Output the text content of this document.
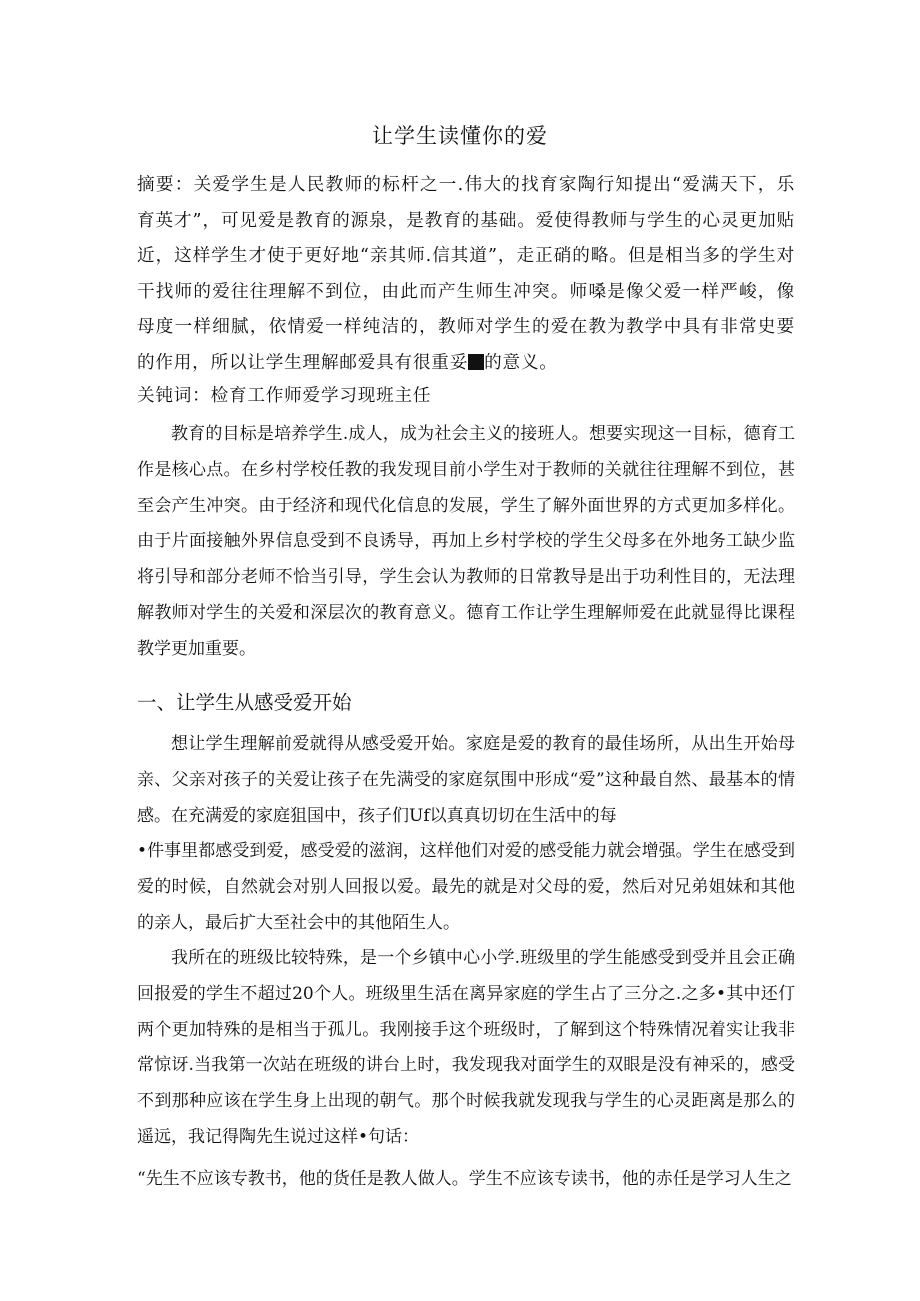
让学生读懂你的爱
摘要：关爱学生是人民教师的标杆之一.伟大的找育家陶行知提出“爱满天下，乐育英才”，可见爱是教育的源泉，是教育的基础。爱使得教师与学生的心灵更加贴近，这样学生才使于更好地“亲其师.信其道”，走正硝的略。但是相当多的学生对干找师的爱往往理解不到位，由此而产生师生冲突。师嗓是像父爱一样严峻，像母度一样细腻，依情爱一样纯洁的，教师对学生的爱在教为教学中具有非常史要的作用，所以让学生理解邮爱具有很重妥 的意义。
关钝词：检育工作师爱学习现班主任
教育的目标是培养学生.成人，成为社会主义的接班人。想要实现这一目标，德育工作是核心点。在乡村学校任教的我发现目前小学生对于教师的关就往往理解不到位，甚至会产生冲突。由于经济和现代化信息的发展，学生了解外面世界的方式更加多样化。由于片面接触外界信息受到不良诱导，再加上乡村学校的学生父母多在外地务工缺少监将引导和部分老师不恰当引导，学生会认为教师的日常教导是出于功利性目的，无法理解教师对学生的关爱和深层次的教育意义。德育工作让学生理解师爱在此就显得比课程教学更加重要。
一、让学生从感受爱开始
想让学生理解前爱就得从感受爱开始。家庭是爱的教育的最佳场所，从出生开始母亲、父亲对孩子的关爱让孩子在先满受的家庭氛围中形成“爱”这种最自然、最基本的情感。在充满爱的家庭狙国中，孩子们Uf以真真切切在生活中的每
•件事里都感受到爱，感受爱的滋润，这样他们对爱的感受能力就会增强。学生在感受到爱的时候，自然就会对别人回报以爱。最先的就是对父母的爱，然后对兄弟姐妹和其他的亲人，最后扩大至社会中的其他陌生人。
我所在的班级比较特殊，是一个乡镇中心小学.班级里的学生能感受到受并且会正确回报爱的学生不超过20个人。班级里生活在离异家庭的学生占了三分之.之多•其中还仃两个更加特殊的是相当于孤儿。我刚接手这个班级时，了解到这个特殊情况着实让我非常惊讶.当我第一次站在班级的讲台上时，我发现我对面学生的双眼是没有神采的，感受不到那种应该在学生身上出现的朝气。那个时候我就发现我与学生的心灵距离是那么的遥远，我记得陶先生说过这样•句话：
“先生不应该专教书，他的货任是教人做人。学生不应该专读书，他的赤任是学习人生之
